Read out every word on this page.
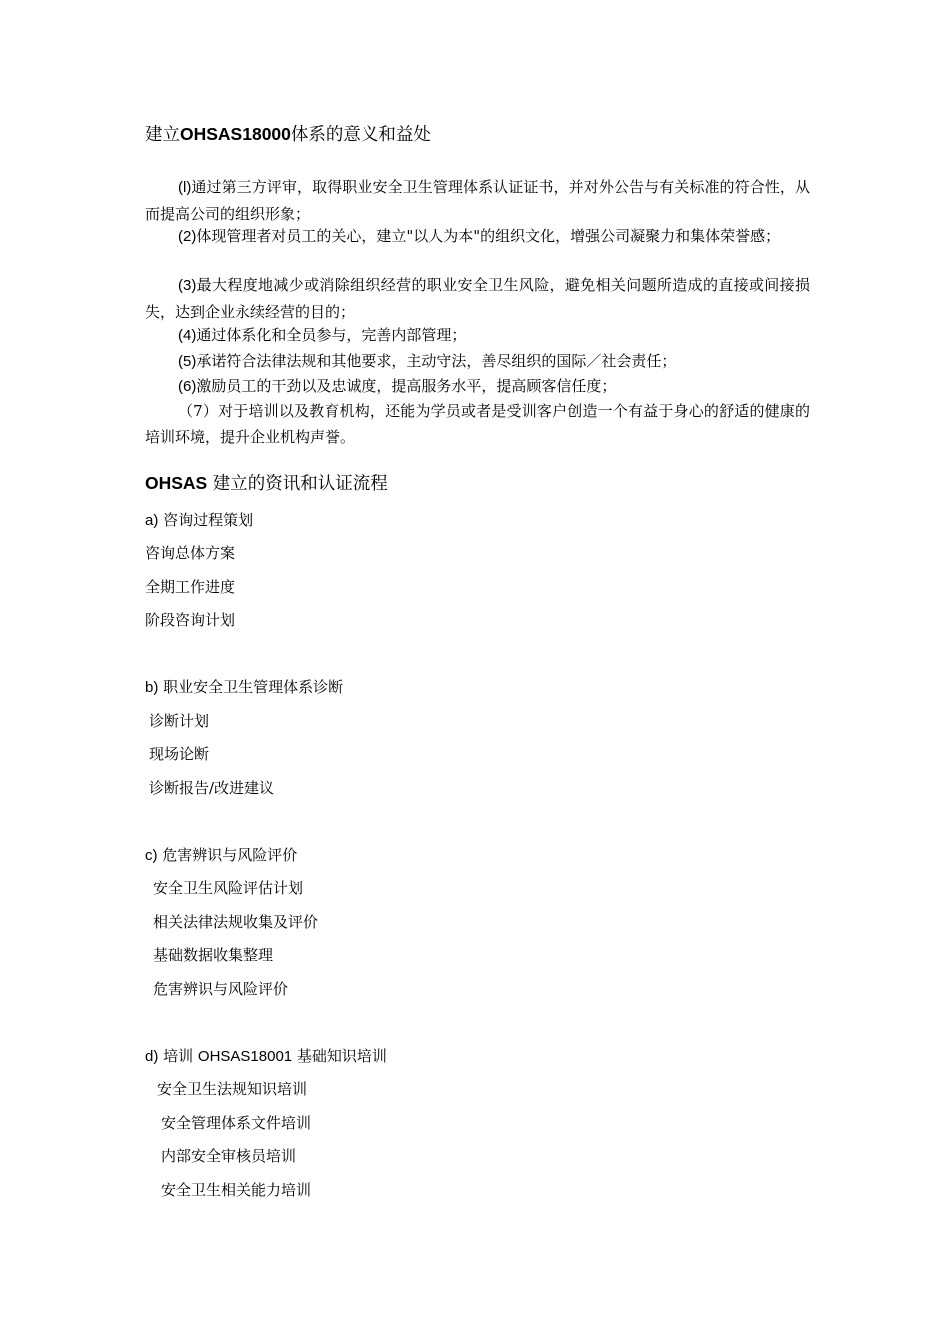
建立OHSAS18000体系的意义和益处
(l)通过第三方评审，取得职业安全卫生管理体系认证证书，并对外公告与有关标准的符合性，从而提高公司的组织形象；
(2)体现管理者对员工的关心，建立"以人为本"的组织文化，增强公司凝聚力和集体荣誉感；
(3)最大程度地减少或消除组织经营的职业安全卫生风险，避免相关问题所造成的直接或间接损失，达到企业永续经营的目的；
(4)通过体系化和全员参与，完善内部管理；
(5)承诺符合法律法规和其他要求，主动守法，善尽组织的国际／社会责任；
(6)激励员工的干劲以及忠诚度，提高服务水平，提高顾客信任度；
（7）对于培训以及教育机构，还能为学员或者是受训客户创造一个有益于身心的舒适的健康的培训环境，提升企业机构声誉。
OHSAS 建立的资讯和认证流程
a) 咨询过程策划
咨询总体方案
全期工作进度
阶段咨询计划
b) 职业安全卫生管理体系诊断
诊断计划
现场论断
诊断报告/改进建议
c) 危害辨识与风险评价
安全卫生风险评估计划
相关法律法规收集及评价
基础数据收集整理
危害辨识与风险评价
d) 培训 OHSAS18001 基础知识培训
安全卫生法规知识培训
安全管理体系文件培训
内部安全审核员培训
安全卫生相关能力培训
